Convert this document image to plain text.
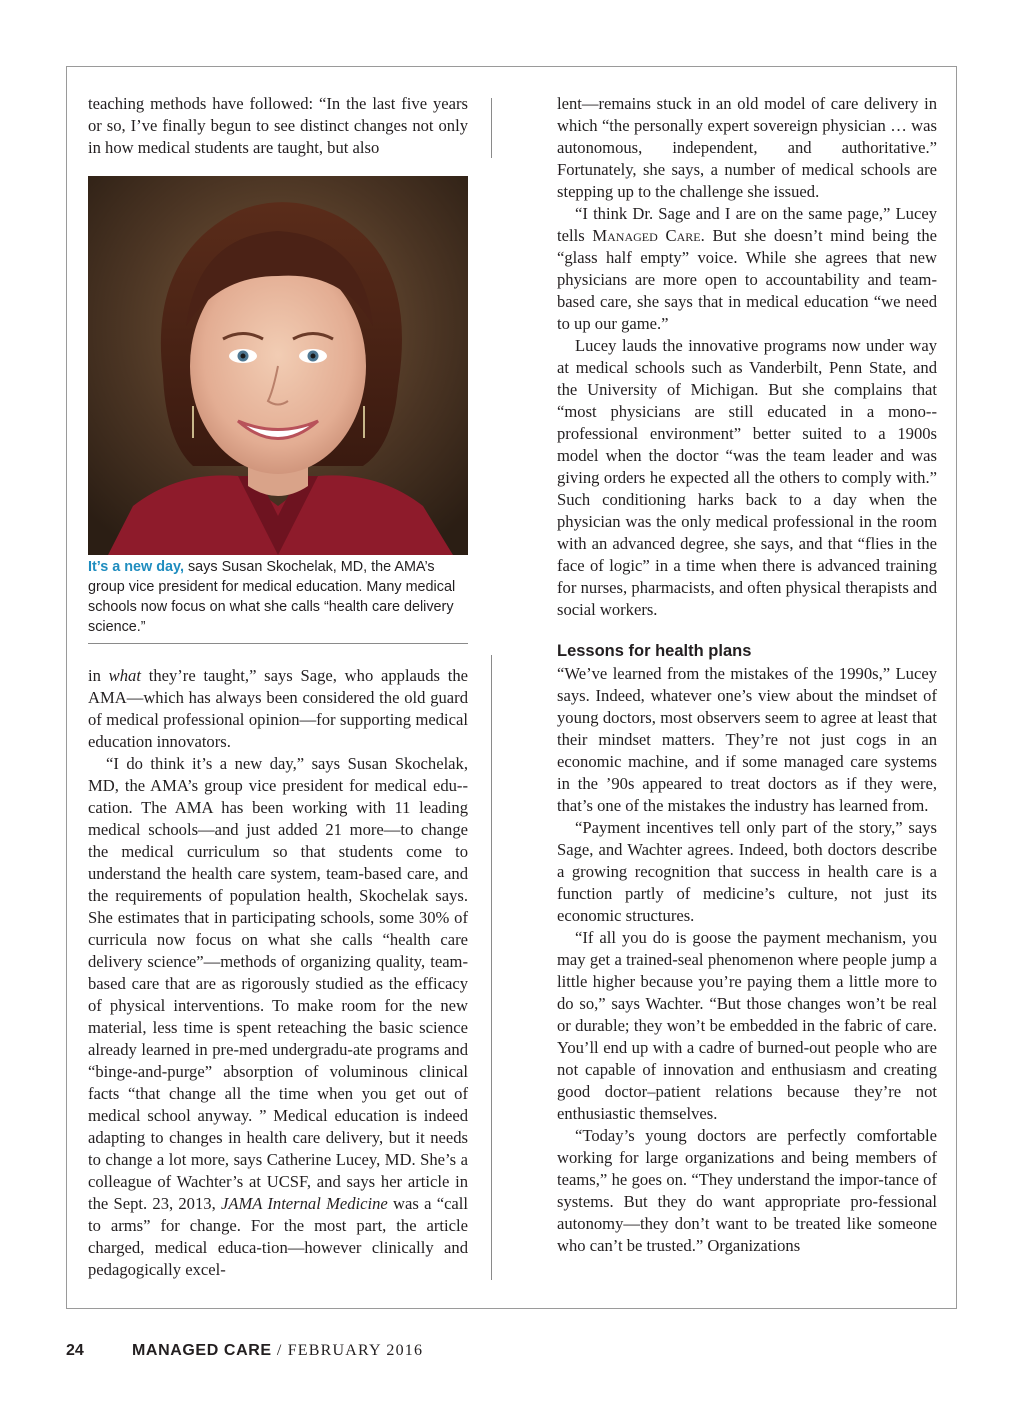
teaching methods have followed: “In the last five years or so, I’ve finally begun to see distinct changes not only in how medical students are taught, but also

It’s a new day, says Susan Skochelak, MD, the AMA’s group vice president for medical education. Many medical schools now focus on what she calls “health care delivery science.”

in what they’re taught,” says Sage, who applauds the AMA—which has always been considered the old guard of medical professional opinion—for supporting medical education innovators.

“I do think it’s a new day,” says Susan Skochelak, MD, the AMA’s group vice president for medical edu-cation. The AMA has been working with 11 leading medical schools—and just added 21 more—to change the medical curriculum so that students come to understand the health care system, team-based care, and the requirements of population health, Skochelak says. She estimates that in participating schools, some 30% of curricula now focus on what she calls “health care delivery science”—methods of organizing quality, team-based care that are as rigorously studied as the efficacy of physical interventions. To make room for the new material, less time is spent reteaching the basic science already learned in pre-med undergradu-ate programs and “binge-and-purge” absorption of voluminous clinical facts “that change all the time when you get out of medical school anyway. ” Medical education is indeed adapting to changes in health care delivery, but it needs to change a lot more, says Catherine Lucey, MD. She’s a colleague of Wachter’s at UCSF, and says her article in the Sept. 23, 2013, JAMA Internal Medicine was a “call to arms” for change. For the most part, the article charged, medical educa-tion—however clinically and pedagogically excel-

lent—remains stuck in an old model of care delivery in which “the personally expert sovereign physician … was autonomous, independent, and authoritative.” Fortunately, she says, a number of medical schools are stepping up to the challenge she issued.

“I think Dr. Sage and I are on the same page,” Lucey tells Managed Care. But she doesn’t mind being the “glass half empty” voice. While she agrees that new physicians are more open to accountability and team-based care, she says that in medical education “we need to up our game.”

Lucey lauds the innovative programs now under way at medical schools such as Vanderbilt, Penn State, and the University of Michigan. But she complains that “most physicians are still educated in a mono-professional environment” better suited to a 1900s model when the doctor “was the team leader and was giving orders he expected all the others to comply with.” Such conditioning harks back to a day when the physician was the only medical professional in the room with an advanced degree, she says, and that “flies in the face of logic” in a time when there is advanced training for nurses, pharmacists, and often physical therapists and social workers.

Lessons for health plans

“We’ve learned from the mistakes of the 1990s,” Lucey says. Indeed, whatever one’s view about the mindset of young doctors, most observers seem to agree at least that their mindset matters. They’re not just cogs in an economic machine, and if some managed care systems in the ’90s appeared to treat doctors as if they were, that’s one of the mistakes the industry has learned from.

“Payment incentives tell only part of the story,” says Sage, and Wachter agrees. Indeed, both doctors describe a growing recognition that success in health care is a function partly of medicine’s culture, not just its economic structures.

“If all you do is goose the payment mechanism, you may get a trained-seal phenomenon where people jump a little higher because you’re paying them a little more to do so,” says Wachter. “But those changes won’t be real or durable; they won’t be embedded in the fabric of care. You’ll end up with a cadre of burned-out people who are not capable of innovation and enthusiasm and creating good doctor–patient relations because they’re not enthusiastic themselves.

“Today’s young doctors are perfectly comfortable working for large organizations and being members of teams,” he goes on. “They understand the impor-tance of systems. But they do want appropriate pro-fessional autonomy—they don’t want to be treated like someone who can’t be trusted.” Organizations

24	MANAGED CARE / FEBRUARY 2016
